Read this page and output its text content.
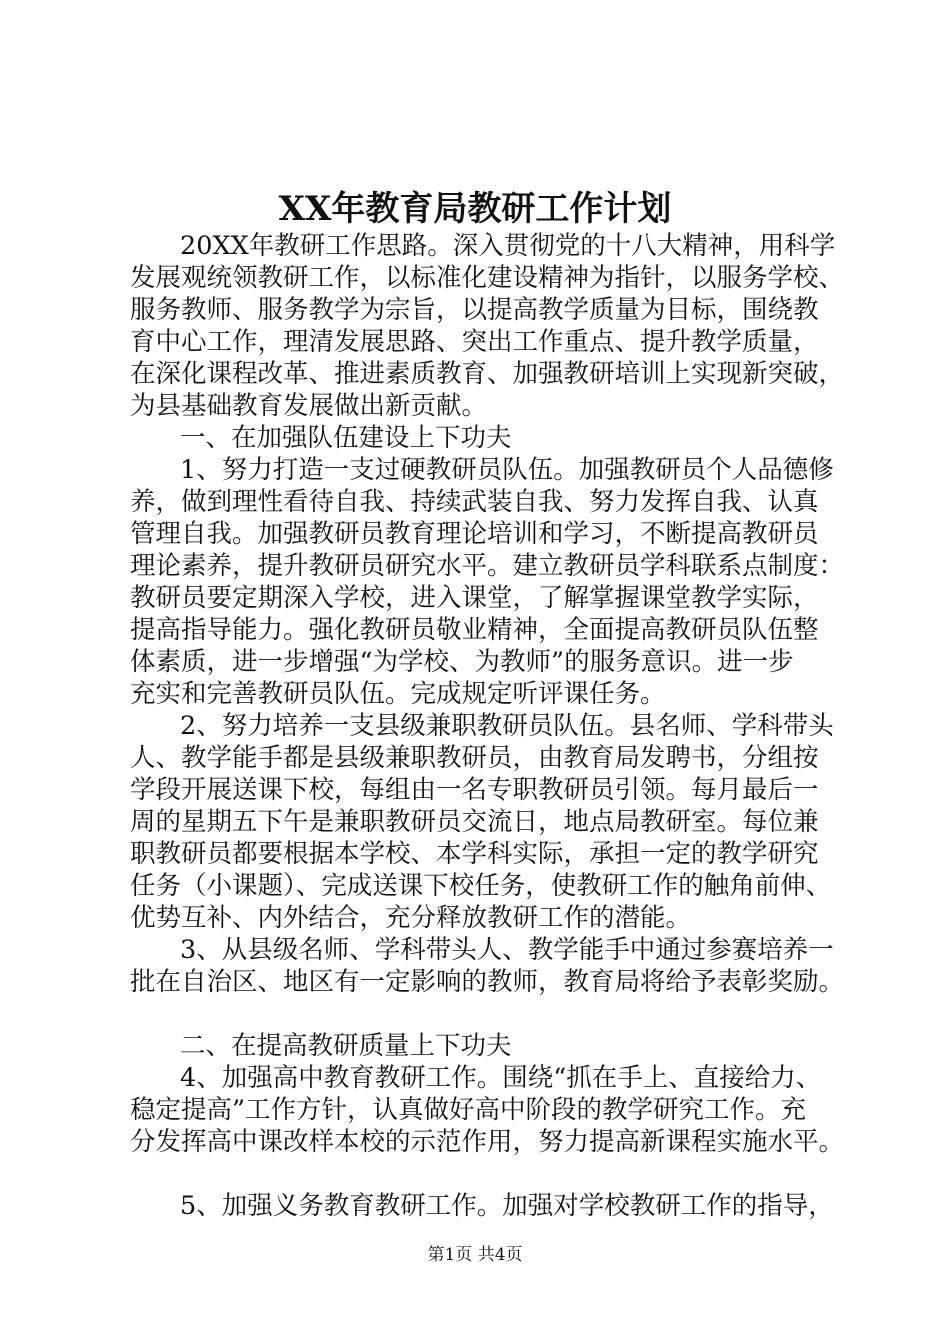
XX年教育局教研工作计划
20XX年教研工作思路。深入贯彻党的十八大精神，用科学
发展观统领教研工作，以标准化建设精神为指针，以服务学校、
服务教师、服务教学为宗旨，以提高教学质量为目标，围绕教
育中心工作，理清发展思路、突出工作重点、提升教学质量，
在深化课程改革、推进素质教育、加强教研培训上实现新突破，
为县基础教育发展做出新贡献。
一、在加强队伍建设上下功夫
1、努力打造一支过硬教研员队伍。加强教研员个人品德修
养，做到理性看待自我、持续武装自我、努力发挥自我、认真
管理自我。加强教研员教育理论培训和学习，不断提高教研员
理论素养，提升教研员研究水平。建立教研员学科联系点制度：
教研员要定期深入学校，进入课堂，了解掌握课堂教学实际，
提高指导能力。强化教研员敬业精神，全面提高教研员队伍整
体素质，进一步增强“为学校、为教师”的服务意识。进一步
充实和完善教研员队伍。完成规定听评课任务。
2、努力培养一支县级兼职教研员队伍。县名师、学科带头
人、教学能手都是县级兼职教研员，由教育局发聘书，分组按
学段开展送课下校，每组由一名专职教研员引领。每月最后一
周的星期五下午是兼职教研员交流日，地点局教研室。每位兼
职教研员都要根据本学校、本学科实际，承担一定的教学研究
任务（小课题）、完成送课下校任务，使教研工作的触角前伸、
优势互补、内外结合，充分释放教研工作的潜能。
3、从县级名师、学科带头人、教学能手中通过参赛培养一
批在自治区、地区有一定影响的教师，教育局将给予表彰奖励。
二、在提高教研质量上下功夫
4、加强高中教育教研工作。围绕“抓在手上、直接给力、
稳定提高”工作方针，认真做好高中阶段的教学研究工作。充
分发挥高中课改样本校的示范作用，努力提高新课程实施水平。
5、加强义务教育教研工作。加强对学校教研工作的指导，
第1页 共4页
